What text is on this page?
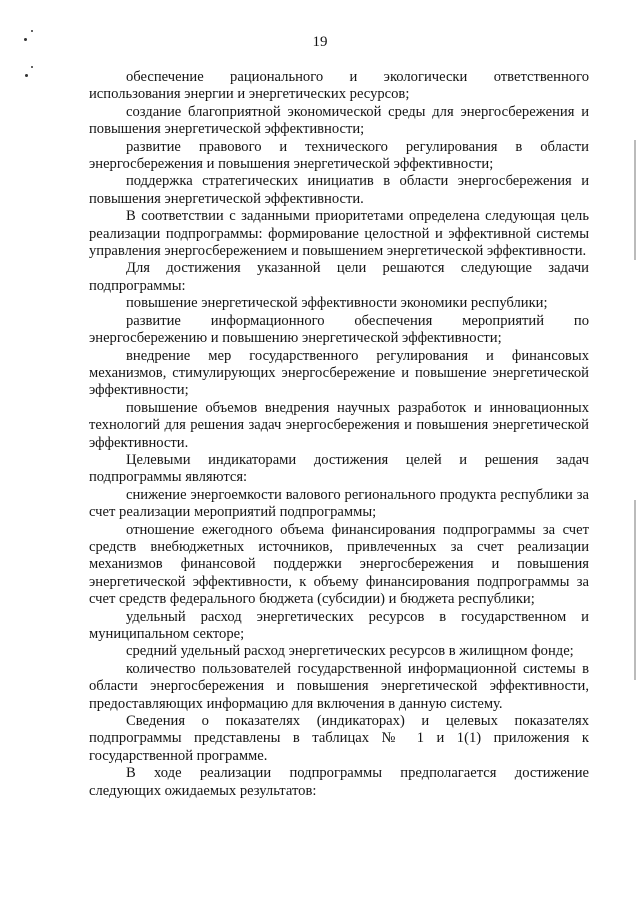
19

обеспечение рационального и экологически ответственного использования энергии и энергетических ресурсов;

создание благоприятной экономической среды для энергосбережения и повышения энергетической эффективности;

развитие правового и технического регулирования в области энергосбережения и повышения энергетической эффективности;

поддержка стратегических инициатив в области энергосбережения и повышения энергетической эффективности.

В соответствии с заданными приоритетами определена следующая цель реализации подпрограммы: формирование целостной и эффективной системы управления энергосбережением и повышением энергетической эффективности.

Для достижения указанной цели решаются следующие задачи подпрограммы:

повышение энергетической эффективности экономики республики;

развитие информационного обеспечения мероприятий по энергосбережению и повышению энергетической эффективности;

внедрение мер государственного регулирования и финансовых механизмов, стимулирующих энергосбережение и повышение энергетической эффективности;

повышение объемов внедрения научных разработок и инновационных технологий для решения задач энергосбережения и повышения энергетической эффективности.

Целевыми индикаторами достижения целей и решения задач подпрограммы являются:

снижение энергоемкости валового регионального продукта республики за счет реализации мероприятий подпрограммы;

отношение ежегодного объема финансирования подпрограммы за счет средств внебюджетных источников, привлеченных за счет реализации механизмов финансовой поддержки энергосбережения и повышения энергетической эффективности, к объему финансирования подпрограммы за счет средств федерального бюджета (субсидии) и бюджета республики;

удельный расход энергетических ресурсов в государственном и муниципальном секторе;

средний удельный расход энергетических ресурсов в жилищном фонде;

количество пользователей государственной информационной системы в области энергосбережения и повышения энергетической эффективности, предоставляющих информацию для включения в данную систему.

Сведения о показателях (индикаторах) и целевых показателях подпрограммы представлены в таблицах № 1 и 1(1) приложения к государственной программе.

В ходе реализации подпрограммы предполагается достижение следующих ожидаемых результатов:
